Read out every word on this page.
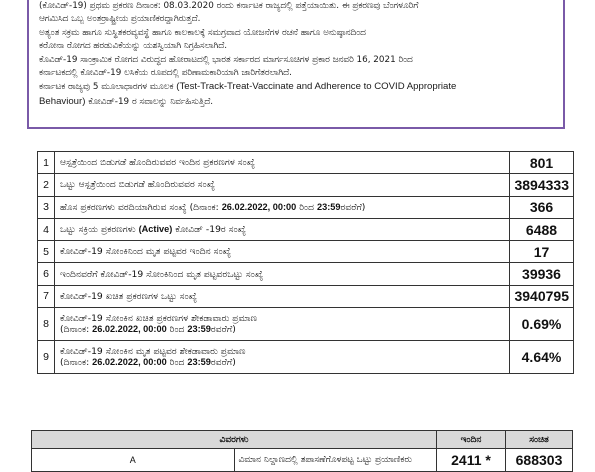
(ಕೋವಿಡ್-19) ಪ್ರಥಮ ಪ್ರಕರಣ ದಿನಾಂಕ: 08.03.2020 ರಂದು ಕರ್ನಾಟಕ ರಾಜ್ಯದಲ್ಲಿ ಪತ್ತೆಯಾಯಿತು. ಈ ಪ್ರಕರಣವು ಬೆಂಗಳೂರಿಗೆ

ಆಗಮಿಸಿದ ಒಬ್ಬ ಅಂತರ್ರಾಷ್ಟ್ರೀಯ ಪ್ರಯಾಣಿಕರದ್ದಾಗಿರುತ್ತದೆ.

ಅತ್ಯಂತ ಸಕ್ರಮ ಹಾಗೂ ಸುಸ್ಥಿತಕರವ್ಯವಸ್ಥೆ ಹಾಗೂ ಕಾಲಕಾಲಕ್ಕೆ ಸಮಗ್ರವಾದ ಯೋಜನೆಗಳ ರಚನೆ ಹಾಗೂ ಅನುಷ್ಠಾನದಿಂದ

ಕರೋನಾ ರೋಗದ ಹರಡುವಿಕೆಯನ್ನು ಯಶಸ್ವಿಯಾಗಿ ನಿಗ್ರಹಿಸಲಾಗಿದೆ.

ಕೊವಿಡ್-19 ಸಾಂಕ್ರಾಮಿಕ ರೋಗದ ವಿರುದ್ಧದ ಹೋರಾಟದಲ್ಲಿ ಭಾರತ ಸರ್ಕಾರದ ಮಾರ್ಗಸೂಚಿಗಳ ಪ್ರಕಾರ ಜನವರಿ 16, 2021 ರಿಂದ

ಕರ್ನಾಟಕದಲ್ಲಿ ಕೋವಿಡ್-19 ಲಸಿಕೆಯ ರೂಪದಲ್ಲಿ ಪರಿಣಾಮಕಾರಿಯಾಗಿ ಜಾರಿಗೆತರಲಾಗಿದೆ.

ಕರ್ನಾಟಕ ರಾಜ್ಯವು 5 ಮೂಲಾಧಾರಗಳ ಮೂಲಕ (Test-Track-Treat-Vaccinate and Adherence to COVID Appropriate

Behaviour) ಕೋವಿಡ್-19 ರ ಸವಾಲನ್ನು ನಿರ್ವಹಿಸುತ್ತಿದೆ.

1	ಆಸ್ಪತ್ರೆಯಿಂದ ಬಿಡುಗಡೆ ಹೊಂದಿರುವವರ ಇಂದಿನ ಪ್ರಕರಣಗಳ ಸಂಖ್ಯೆ	801
2	ಒಟ್ಟು ಆಸ್ಪತ್ರೆಯಿಂದ ಬಿಡುಗಡೆ ಹೊಂದಿರುವವರ ಸಂಖ್ಯೆ	3894333
3	ಹೊಸ ಪ್ರಕರಣಗಳು ವರದಿಯಾಗಿರುವ ಸಂಖ್ಯೆ (ದಿನಾಂಕ: 26.02.2022, 00:00 ರಿಂದ 23:59ರವರೆಗೆ)	366
4	ಒಟ್ಟು ಸಕ್ರಿಯ ಪ್ರಕರಣಗಳು (Active) ಕೋವಿಡ್ -19ರ ಸಂಖ್ಯೆ	6488
5	ಕೋವಿಡ್-19 ಸೋಂಕಿನಿಂದ ಮೃತ ಪಟ್ಟವರ ಇಂದಿನ ಸಂಖ್ಯೆ	17
6	ಇಂದಿನವರೆಗೆ ಕೋವಿಡ್-19 ಸೋಂಕಿನಿಂದ ಮೃತ ಪಟ್ಟವರಒಟ್ಟು ಸಂಖ್ಯೆ	39936
7	ಕೋವಿಡ್-19 ಖಚಿತ ಪ್ರಕರಣಗಳ ಒಟ್ಟು ಸಂಖ್ಯೆ	3940795
8	ಕೋವಿಡ್-19 ಸೋಂಕಿನ ಖಚಿತ ಪ್ರಕರಣಗಳ ಶೇಕಡಾವಾರು ಪ್ರಮಾಣ
(ದಿನಾಂಕ: 26.02.2022, 00:00 ರಿಂದ 23:59ರವರೆಗೆ)	0.69%
9	ಕೋವಿಡ್-19 ಸೋಂಕಿನ ಮೃತ ಪಟ್ಟವರ ಶೇಕಡಾವಾರು ಪ್ರಮಾಣ
(ದಿನಾಂಕ: 26.02.2022, 00:00 ರಿಂದ 23:59ರವರೆಗೆ)	4.64%
ವಿವರಗಳು		ಇಂದಿನ	ಸಂಚಿತ
A	ವಿಮಾನ ನಿಲ್ದಾಣದಲ್ಲಿ ತಪಾಸಣೆಗೊಳಪಟ್ಟ ಒಟ್ಟು ಪ್ರಯಾಣಿಕರು	2411 *	688303
